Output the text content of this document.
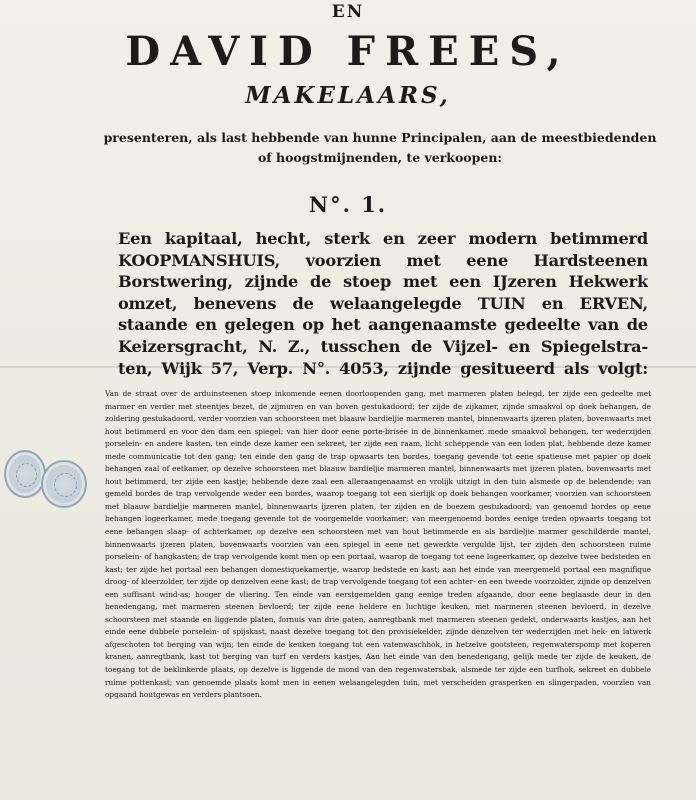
EN
DAVID FREES,
MAKELAARS,
presenteren, als last hebbende van hunne Principalen, aan de meestbiedenden
of hoogstmijnenden, te verkoopen:
N°. 1.
Een kapitaal, hecht, sterk en zeer modern betimmerd
KOOPMANSHUIS, voorzien met eene Hardsteenen
Borstwering, zijnde de stoep met een IJzeren Hekwerk
omzet, benevens de welaangelegde TUIN en ERVEN,
staande en gelegen op het aangenaamste gedeelte van de
Keizersgracht, N. Z., tusschen de Vijzel- en Spiegelstra-
ten, Wijk 57, Verp. N°. 4053, zijnde gesitueerd als volgt:
Van de straat over de arduinsteenen stoep inkomende eenen doorloopenden gang, met marmeren platen belegd, ter zijde een gedeelte met marmer en verder met steentjes bezet, de zijmuren en van boven gestukadoord; ter zijde de zijkamer, zijnde smaakvol op doek behangen, de zoldering gestukadoord, verder voorzien van schoorsteen met blaauw bardieljie marmeren mantel, binnenwaarts ijzeren platen, bovenwaarts met hout betimmerd en voor den dam een spiegel; van hier door eene porte-brisée in de binnenkamer, mede smaakvol behangen, ter wederzijden porselein- en andere kasten, ten einde deze kamer een sekreet, ter zijde een raam, licht scheppende van een loden plat, hebbende deze kamer mede communicatie tot den gang; ten einde den gang de trap opwaarts ten bordes, toegang gevende tot eene spatieuse met papier op doek behangen zaal of eetkamer, op dezelve schoorsteen met blaauw bardieljie marmeren mantel, binnenwaarts met ijzeren platen, bovenwaarts met hout betimmerd, ter zijde een kastje; hebbende deze zaal een alleraangenaamst en vrolijk uitzigt in den tuin alsmede op de belendende; van gemeld bordes de trap vervolgende weder een bordes, waarop toegang tot een sierlijk op doek behangen voorkamer, voorzien van schoorsteen met blaauw bardieljie marmeren mantel, binnenwaarts ijzeren platen, ter zijden en de boezem gestukadoord; van genoemd bordes op eene behangen logeerkamer, mede toegang gevende tot de voorgemelde voorkamer; van meergenoemd bordes eenige treden opwaarts toegang tot eene behangen slaap- of achterkamer, op dezelve een schoorsteen met van hout betimmerde en als bardieljie marmer geschilderde mantel, binnenwaarts ijzeren platen, bovenwaarts voorzien van een spiegel in eene net gewerkte vergulde lijst, ter zijden den schoorsteen ruime porselein- of hangkasten; de trap vervolgende komt men op een portaal, waarop de toegang tot eene logeerkamer, op dezelve twee bedsteden en kast; ter zijde het portaal een behangen domestiquekamertje, waarop bedstede en kast; aan het einde van meergemeld portaal een magnifique droog- of kleerzolder, ter zijde op denzelven eene kast; de trap vervolgende toegang tot een achter- en een tweede voorzolder, zijnde op denzelven een suffisant wind-as; hooger de vliering. Ten einde van eerstgemelden gang eenige treden afgaande, door eene beglaasde deur in den benedengang, met marmeren steenen bevloerd; ter zijde eene heldere en luchtige keuken, met marmeren steenen bevloerd, in dezelve schoorsteen met staande en liggende platen, fornuis van drie gaten, aanregtbank met marmeren steenen gedekt, onderwaarts kastjes, aan het einde eene dubbele porselein- of spijskast, naast dezelve toegang tot den provisiekelder, zijnde denzelven ter wederzijden met hek- en latwerk afgeschoten tot berging van wijn; ten einde de keuken toegang tot een vatenwaschhok, in hetzelve gootsteen, regenwaterspomp met koperen kranen, aanregtbank, kast tot berging van turf en verders kastjes. Aan het einde van den benedengang, gelijk mede ter zijde de keuken, de toegang tot de beklinkerde plaats, op dezelve is liggende de mond van den regenwatersbak, alsmede ter zijde een turfhok, sekreet en dubbele ruime pottenkast; van genoemde plaats komt men in eenen welaangelegden tuin, met verscheiden grasperken en slingerpaden, voorzien van opgaand houtgewas en verders plantsoen.
